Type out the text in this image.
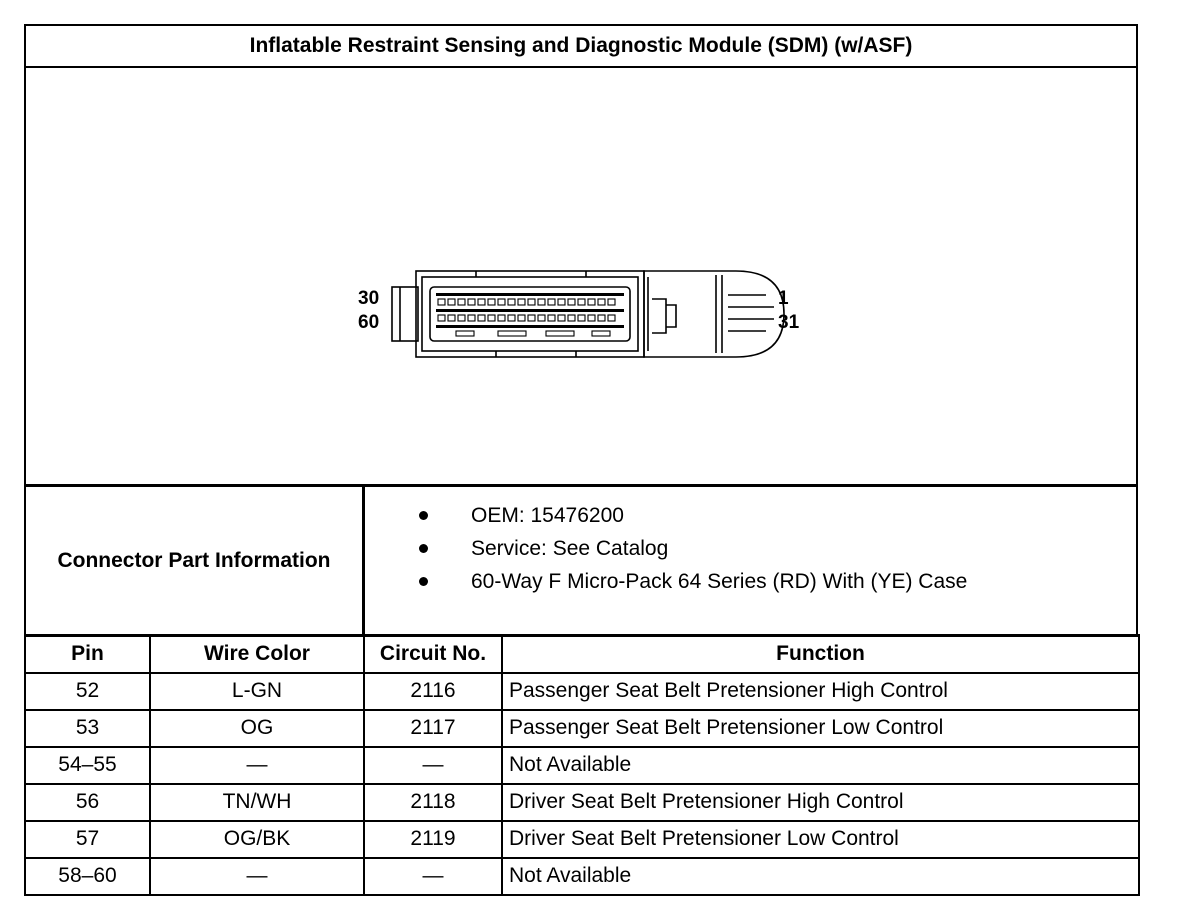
Inflatable Restraint Sensing and Diagnostic Module (SDM) (w/ASF)
30
60
1
31
Connector Part Information
OEM: 15476200
Service: See Catalog
60-Way F Micro-Pack 64 Series (RD) With (YE) Case
Pin	Wire Color	Circuit No.	Function
52	L-GN	2116	Passenger Seat Belt Pretensioner High Control
53	OG	2117	Passenger Seat Belt Pretensioner Low Control
54–55	—	—	Not Available
56	TN/WH	2118	Driver Seat Belt Pretensioner High Control
57	OG/BK	2119	Driver Seat Belt Pretensioner Low Control
58–60	—	—	Not Available
